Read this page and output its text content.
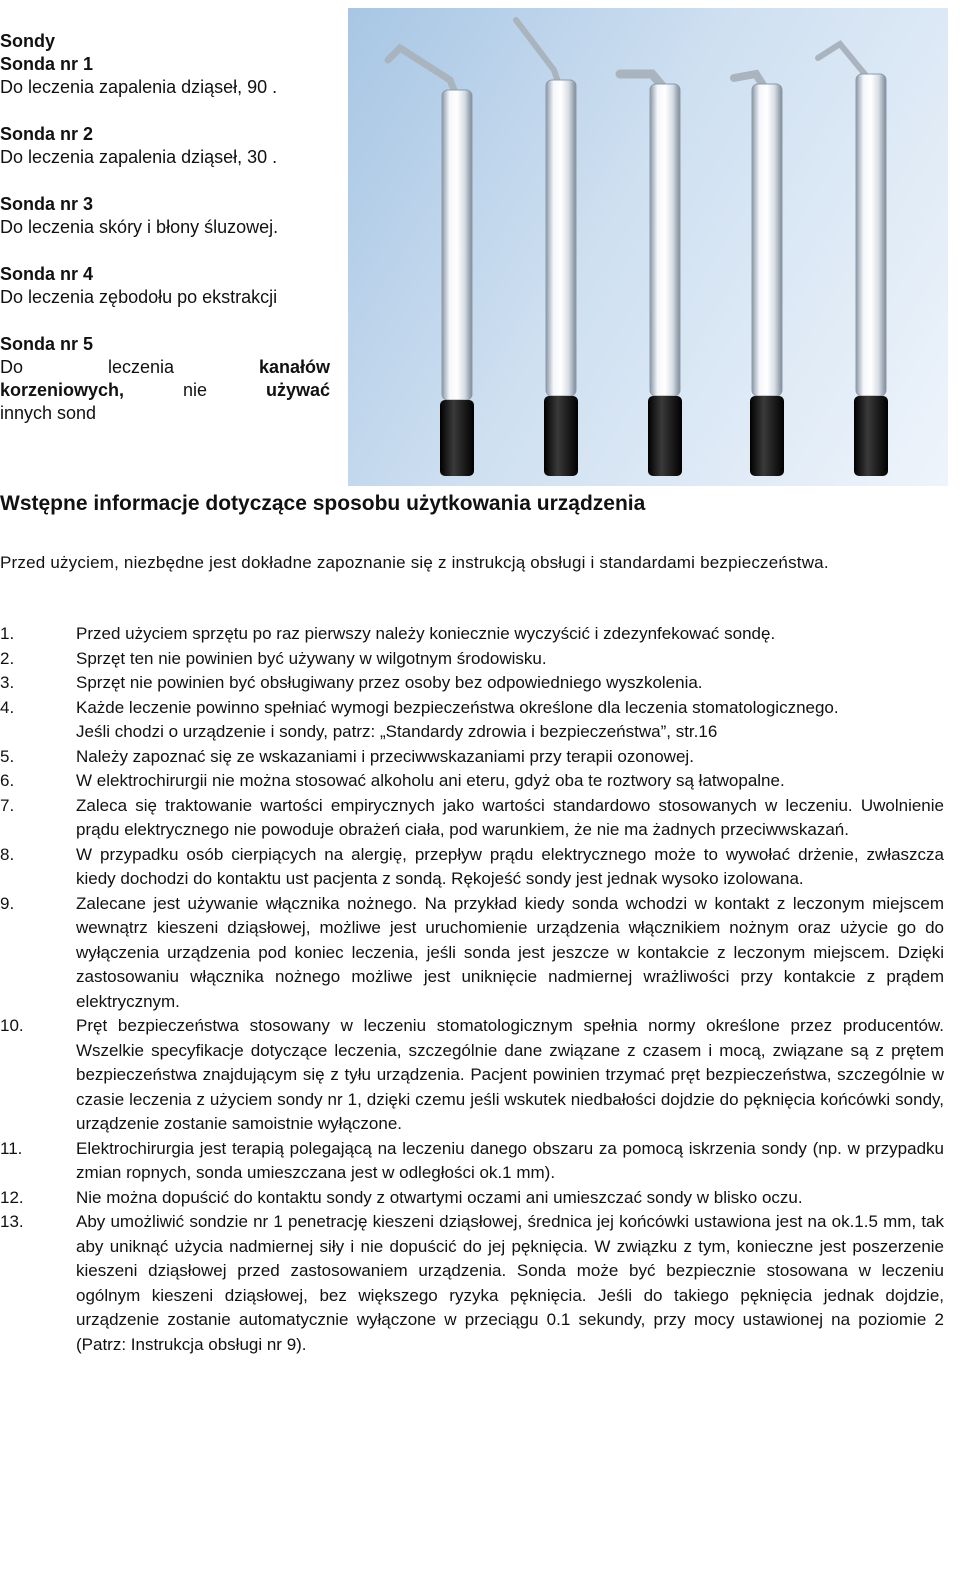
Sondy
Sonda nr 1
Do leczenia zapalenia dziąseł, 90 .
Sonda nr 2
Do leczenia zapalenia dziąseł, 30 .
Sonda nr 3
Do leczenia skóry i błony śluzowej.
Sonda nr 4
Do leczenia zębodołu po ekstrakcji
Sonda nr 5
Do	leczenia	kanałów
korzeniowych,	nie	używać
innych sond
Wstępne informacje dotyczące sposobu użytkowania urządzenia

Przed użyciem, niezbędne jest dokładne zapoznanie się z instrukcją obsługi i standardami bezpieczeństwa.

1.	Przed użyciem sprzętu po raz pierwszy należy koniecznie wyczyścić i zdezynfekować sondę.
2.	Sprzęt ten nie powinien być używany w wilgotnym środowisku.
3.	Sprzęt nie powinien być obsługiwany przez osoby bez odpowiedniego wyszkolenia.
4.	Każde leczenie powinno spełniać wymogi bezpieczeństwa określone dla leczenia stomatologicznego.
Jeśli chodzi o urządzenie i sondy, patrz: „Standardy zdrowia i bezpieczeństwa”, str.16
5.	Należy zapoznać się ze wskazaniami i przeciwwskazaniami przy terapii ozonowej.
6.	W elektrochirurgii nie można stosować alkoholu ani eteru, gdyż oba te roztwory są łatwopalne.
7.	Zaleca się traktowanie wartości empirycznych jako wartości standardowo stosowanych w leczeniu. Uwolnienie prądu elektrycznego nie powoduje obrażeń ciała, pod warunkiem, że nie ma żadnych przeciwwskazań.
8.	W przypadku osób cierpiących na alergię, przepływ prądu elektrycznego może to wywołać drżenie, zwłaszcza kiedy dochodzi do kontaktu ust pacjenta z sondą. Rękojeść sondy jest jednak wysoko izolowana.
9.	Zalecane jest używanie włącznika nożnego. Na przykład kiedy sonda wchodzi w kontakt z leczonym miejscem wewnątrz kieszeni dziąsłowej, możliwe jest uruchomienie urządzenia włącznikiem nożnym oraz użycie go do wyłączenia urządzenia pod koniec leczenia, jeśli sonda jest jeszcze w kontakcie z leczonym miejscem. Dzięki zastosowaniu włącznika nożnego możliwe jest uniknięcie nadmiernej wrażliwości przy kontakcie z prądem elektrycznym.
10.	Pręt bezpieczeństwa stosowany w leczeniu stomatologicznym spełnia normy określone przez producentów. Wszelkie specyfikacje dotyczące leczenia, szczególnie dane związane z czasem i mocą, związane są z prętem bezpieczeństwa znajdującym się z tyłu urządzenia. Pacjent powinien trzymać pręt bezpieczeństwa, szczególnie w czasie leczenia z użyciem sondy nr 1, dzięki czemu jeśli wskutek niedbałości dojdzie do pęknięcia końcówki sondy, urządzenie zostanie samoistnie wyłączone.
11.	Elektrochirurgia jest terapią polegającą na leczeniu danego obszaru za pomocą iskrzenia sondy (np. w przypadku zmian ropnych, sonda umieszczana jest w odległości ok.1 mm).
12.	Nie można dopuścić do kontaktu sondy z otwartymi oczami ani umieszczać sondy w blisko oczu.
13.	Aby umożliwić sondzie nr 1 penetrację kieszeni dziąsłowej, średnica jej końcówki ustawiona jest na ok.1.5 mm, tak aby uniknąć użycia nadmiernej siły i nie dopuścić do jej pęknięcia. W związku z tym, konieczne jest poszerzenie kieszeni dziąsłowej przed zastosowaniem urządzenia. Sonda może być bezpiecznie stosowana w leczeniu ogólnym kieszeni dziąsłowej, bez większego ryzyka pęknięcia. Jeśli do takiego pęknięcia jednak dojdzie, urządzenie zostanie automatycznie wyłączone w przeciągu 0.1 sekundy, przy mocy ustawionej na poziomie 2 (Patrz: Instrukcja obsługi nr 9).
